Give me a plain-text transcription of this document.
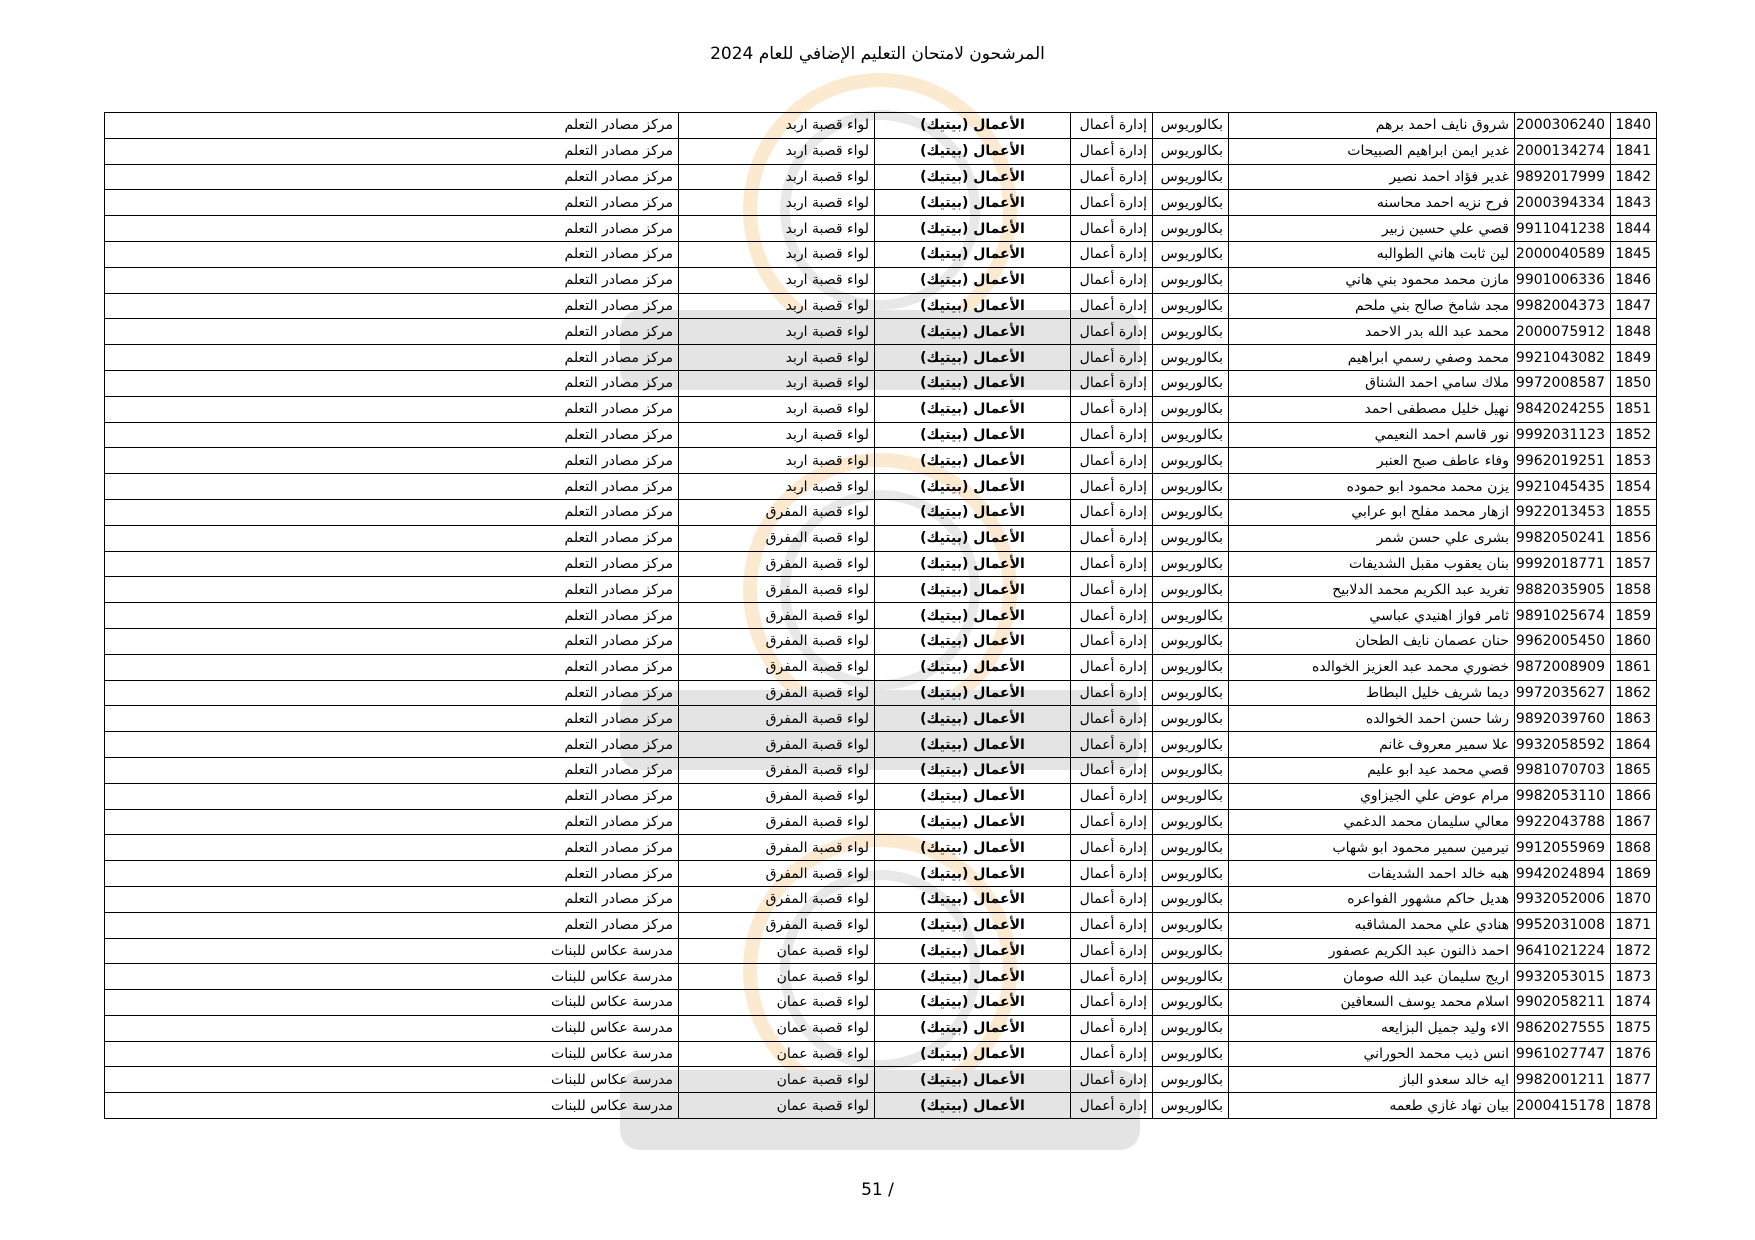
المرشحون لامتحان التعليم الإضافي للعام 2024
1840	2000306240	شروق نايف احمد برهم	بكالوريوس	إدارة أعمال	الأعمال (بيتيك)	لواء قصبة اربد	مركز مصادر التعلم
1841	2000134274	غدير ايمن ابراهيم الصبيحات	بكالوريوس	إدارة أعمال	الأعمال (بيتيك)	لواء قصبة اربد	مركز مصادر التعلم
1842	9892017999	غدير فؤاد احمد نصير	بكالوريوس	إدارة أعمال	الأعمال (بيتيك)	لواء قصبة اربد	مركز مصادر التعلم
1843	2000394334	فرح نزيه احمد محاسنه	بكالوريوس	إدارة أعمال	الأعمال (بيتيك)	لواء قصبة اربد	مركز مصادر التعلم
1844	9911041238	قصي علي حسين زبير	بكالوريوس	إدارة أعمال	الأعمال (بيتيك)	لواء قصبة اربد	مركز مصادر التعلم
1845	2000040589	لين ثابت هاني الطوالبه	بكالوريوس	إدارة أعمال	الأعمال (بيتيك)	لواء قصبة اربد	مركز مصادر التعلم
1846	9901006336	مازن محمد محمود بني هاني	بكالوريوس	إدارة أعمال	الأعمال (بيتيك)	لواء قصبة اربد	مركز مصادر التعلم
1847	9982004373	مجد شامخ صالح بني ملحم	بكالوريوس	إدارة أعمال	الأعمال (بيتيك)	لواء قصبة اربد	مركز مصادر التعلم
1848	2000075912	محمد عبد الله بدر الاحمد	بكالوريوس	إدارة أعمال	الأعمال (بيتيك)	لواء قصبة اربد	مركز مصادر التعلم
1849	9921043082	محمد وصفي رسمي ابراهيم	بكالوريوس	إدارة أعمال	الأعمال (بيتيك)	لواء قصبة اربد	مركز مصادر التعلم
1850	9972008587	ملاك سامي احمد الشناق	بكالوريوس	إدارة أعمال	الأعمال (بيتيك)	لواء قصبة اربد	مركز مصادر التعلم
1851	9842024255	نهيل خليل مصطفى احمد	بكالوريوس	إدارة أعمال	الأعمال (بيتيك)	لواء قصبة اربد	مركز مصادر التعلم
1852	9992031123	نور قاسم احمد النعيمي	بكالوريوس	إدارة أعمال	الأعمال (بيتيك)	لواء قصبة اربد	مركز مصادر التعلم
1853	9962019251	وفاء عاطف صبح العنبر	بكالوريوس	إدارة أعمال	الأعمال (بيتيك)	لواء قصبة اربد	مركز مصادر التعلم
1854	9921045435	يزن محمد محمود ابو حموده	بكالوريوس	إدارة أعمال	الأعمال (بيتيك)	لواء قصبة اربد	مركز مصادر التعلم
1855	9922013453	ازهار محمد مفلح ابو عرابي	بكالوريوس	إدارة أعمال	الأعمال (بيتيك)	لواء قصبة المفرق	مركز مصادر التعلم
1856	9982050241	بشرى علي حسن شمر	بكالوريوس	إدارة أعمال	الأعمال (بيتيك)	لواء قصبة المفرق	مركز مصادر التعلم
1857	9992018771	بنان يعقوب مقبل الشديفات	بكالوريوس	إدارة أعمال	الأعمال (بيتيك)	لواء قصبة المفرق	مركز مصادر التعلم
1858	9882035905	تغريد عبد الكريم محمد الدلابيح	بكالوريوس	إدارة أعمال	الأعمال (بيتيك)	لواء قصبة المفرق	مركز مصادر التعلم
1859	9891025674	ثامر فواز اهنيدي عباسي	بكالوريوس	إدارة أعمال	الأعمال (بيتيك)	لواء قصبة المفرق	مركز مصادر التعلم
1860	9962005450	حنان عصمان نايف الطحان	بكالوريوس	إدارة أعمال	الأعمال (بيتيك)	لواء قصبة المفرق	مركز مصادر التعلم
1861	9872008909	خضوري محمد عبد العزيز الخوالده	بكالوريوس	إدارة أعمال	الأعمال (بيتيك)	لواء قصبة المفرق	مركز مصادر التعلم
1862	9972035627	ديما شريف خليل البطاط	بكالوريوس	إدارة أعمال	الأعمال (بيتيك)	لواء قصبة المفرق	مركز مصادر التعلم
1863	9892039760	رشا حسن احمد الخوالده	بكالوريوس	إدارة أعمال	الأعمال (بيتيك)	لواء قصبة المفرق	مركز مصادر التعلم
1864	9932058592	علا سمير معروف غانم	بكالوريوس	إدارة أعمال	الأعمال (بيتيك)	لواء قصبة المفرق	مركز مصادر التعلم
1865	9981070703	قصي محمد عيد ابو عليم	بكالوريوس	إدارة أعمال	الأعمال (بيتيك)	لواء قصبة المفرق	مركز مصادر التعلم
1866	9982053110	مرام عوض علي الجيزاوي	بكالوريوس	إدارة أعمال	الأعمال (بيتيك)	لواء قصبة المفرق	مركز مصادر التعلم
1867	9922043788	معالي سليمان محمد الدغمي	بكالوريوس	إدارة أعمال	الأعمال (بيتيك)	لواء قصبة المفرق	مركز مصادر التعلم
1868	9912055969	نيرمين سمير محمود ابو شهاب	بكالوريوس	إدارة أعمال	الأعمال (بيتيك)	لواء قصبة المفرق	مركز مصادر التعلم
1869	9942024894	هبه خالد احمد الشديفات	بكالوريوس	إدارة أعمال	الأعمال (بيتيك)	لواء قصبة المفرق	مركز مصادر التعلم
1870	9932052006	هديل حاكم مشهور الفواعره	بكالوريوس	إدارة أعمال	الأعمال (بيتيك)	لواء قصبة المفرق	مركز مصادر التعلم
1871	9952031008	هنادي علي محمد المشاقبه	بكالوريوس	إدارة أعمال	الأعمال (بيتيك)	لواء قصبة المفرق	مركز مصادر التعلم
1872	9641021224	احمد ذالنون عبد الكريم عصفور	بكالوريوس	إدارة أعمال	الأعمال (بيتيك)	لواء قصبة عمان	مدرسة عكاس للبنات
1873	9932053015	اريج سليمان عبد الله صومان	بكالوريوس	إدارة أعمال	الأعمال (بيتيك)	لواء قصبة عمان	مدرسة عكاس للبنات
1874	9902058211	اسلام محمد يوسف السعافين	بكالوريوس	إدارة أعمال	الأعمال (بيتيك)	لواء قصبة عمان	مدرسة عكاس للبنات
1875	9862027555	الاء وليد جميل البزايعه	بكالوريوس	إدارة أعمال	الأعمال (بيتيك)	لواء قصبة عمان	مدرسة عكاس للبنات
1876	9961027747	انس ذيب محمد الحوراني	بكالوريوس	إدارة أعمال	الأعمال (بيتيك)	لواء قصبة عمان	مدرسة عكاس للبنات
1877	9982001211	ايه خالد سعدو الباز	بكالوريوس	إدارة أعمال	الأعمال (بيتيك)	لواء قصبة عمان	مدرسة عكاس للبنات
1878	2000415178	بيان نهاد غازي طعمه	بكالوريوس	إدارة أعمال	الأعمال (بيتيك)	لواء قصبة عمان	مدرسة عكاس للبنات
51 /
